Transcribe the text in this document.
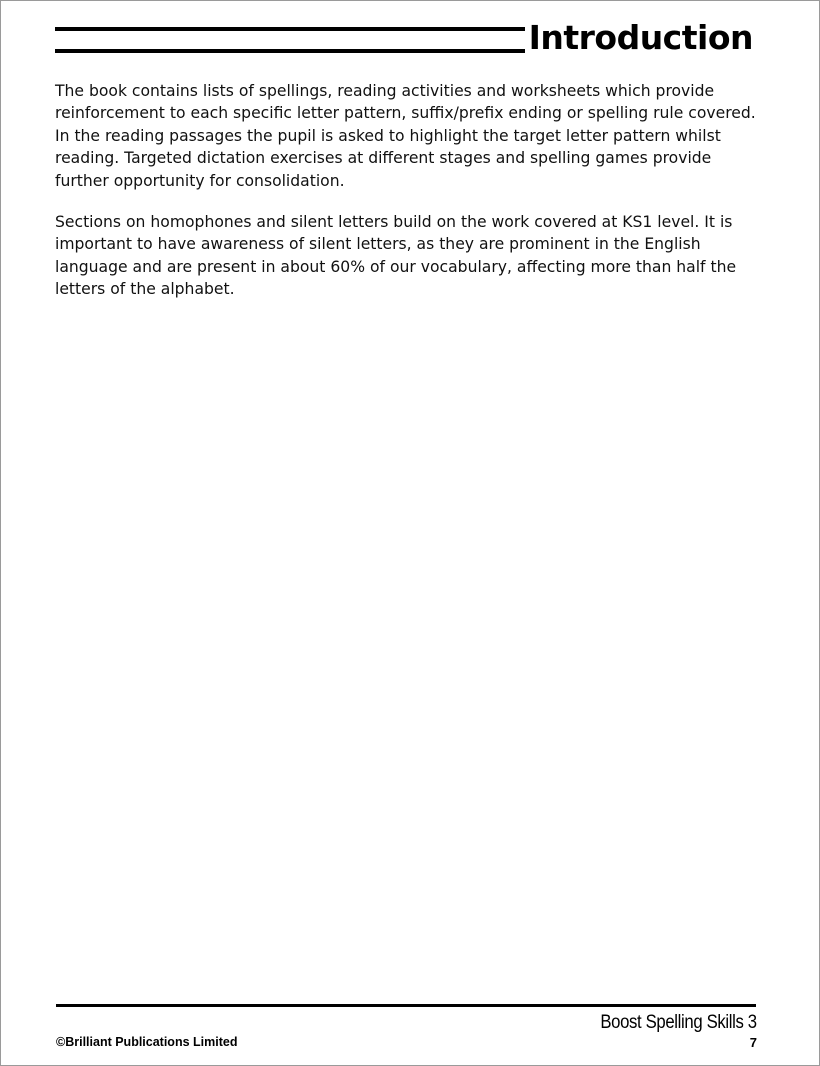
Introduction

The book contains lists of spellings, reading activities and worksheets which provide reinforcement to each specific letter pattern, suffix/prefix ending or spelling rule covered. In the reading passages the pupil is asked to highlight the target letter pattern whilst reading. Targeted dictation exercises at different stages and spelling games provide further opportunity for consolidation.

Sections on homophones and silent letters build on the work covered at KS1 level. It is important to have awareness of silent letters, as they are prominent in the English language and are present in about 60% of our vocabulary, affecting more than half the letters of the alphabet.

Boost Spelling Skills 3
©Brilliant Publications Limited	7
